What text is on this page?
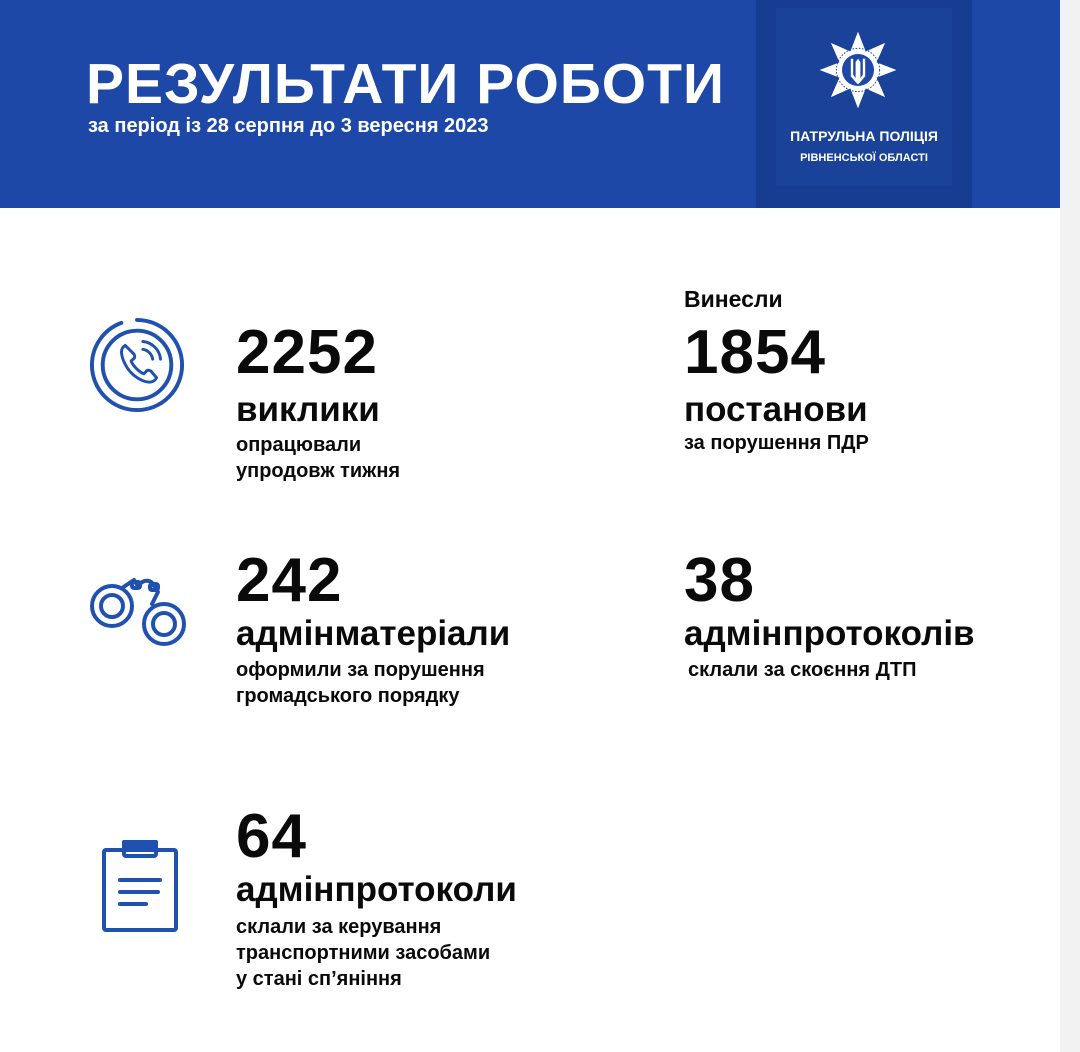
РЕЗУЛЬТАТИ РОБОТИ
за період із 28 серпня до 3 вересня 2023	ПАТРУЛЬНА ПОЛІЦІЯ
РІВНЕНСЬКОЇ ОБЛАСТІ
2252
виклики
опрацювали
упродовж тижня
Винесли
1854
постанови
за порушення ПДР
242
адмінматеріали
оформили за порушення
громадського порядку
38
адмінпротоколів
склали за скоєння ДТП
64
адмінпротоколи
склали за керування
транспортними засобами
у стані сп’яніння
